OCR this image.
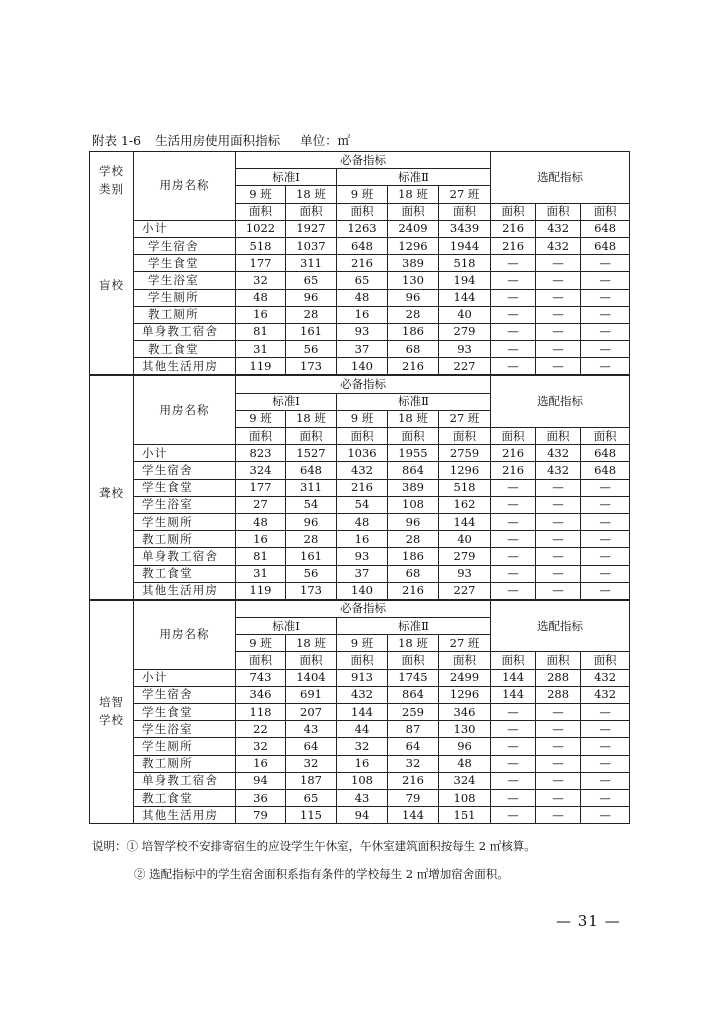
附表 1-6 生活用房使用面积指标 单位：㎡
学校
类别
盲校	用房名称	必备指标					选配指标		
		标准Ⅰ		标准Ⅱ					
		9 班	18 班	9 班	18 班	27 班			
		面积	面积	面积	面积	面积	面积	面积	面积
	小计	1022	1927	1263	2409	3439	216	432	648
	学生宿舍	518	1037	648	1296	1944	216	432	648
	学生食堂	177	311	216	389	518	—	—	—
	学生浴室	32	65	65	130	194	—	—	—
	学生厕所	48	96	48	96	144	—	—	—
	教工厕所	16	28	16	28	40	—	—	—
	单身教工宿舍	81	161	93	186	279	—	—	—
	教工食堂	31	56	37	68	93	—	—	—
	其他生活用房	119	173	140	216	227	—	—	—

聋校	用房名称	必备指标					选配指标		
		标准Ⅰ		标准Ⅱ					
		9 班	18 班	9 班	18 班	27 班			
		面积	面积	面积	面积	面积	面积	面积	面积
	小计	823	1527	1036	1955	2759	216	432	648
	学生宿舍	324	648	432	864	1296	216	432	648
	学生食堂	177	311	216	389	518	—	—	—
	学生浴室	27	54	54	108	162	—	—	—
	学生厕所	48	96	48	96	144	—	—	—
	教工厕所	16	28	16	28	40	—	—	—
	单身教工宿舍	81	161	93	186	279	—	—	—
	教工食堂	31	56	37	68	93	—	—	—
	其他生活用房	119	173	140	216	227	—	—	—

培智
学校	用房名称	必备指标					选配指标		
		标准Ⅰ		标准Ⅱ					
		9 班	18 班	9 班	18 班	27 班			
		面积	面积	面积	面积	面积	面积	面积	面积
	小计	743	1404	913	1745	2499	144	288	432
	学生宿舍	346	691	432	864	1296	144	288	432
	学生食堂	118	207	144	259	346	—	—	—
	学生浴室	22	43	44	87	130	—	—	—
	学生厕所	32	64	32	64	96	—	—	—
	教工厕所	16	32	16	32	48	—	—	—
	单身教工宿舍	94	187	108	216	324	—	—	—
	教工食堂	36	65	43	79	108	—	—	—
	其他生活用房	79	115	94	144	151	—	—	—
说明：① 培智学校不安排寄宿生的应设学生午休室，午休室建筑面积按每生 2 ㎡核算。
② 选配指标中的学生宿舍面积系指有条件的学校每生 2 ㎡增加宿舍面积。
— 31 —
